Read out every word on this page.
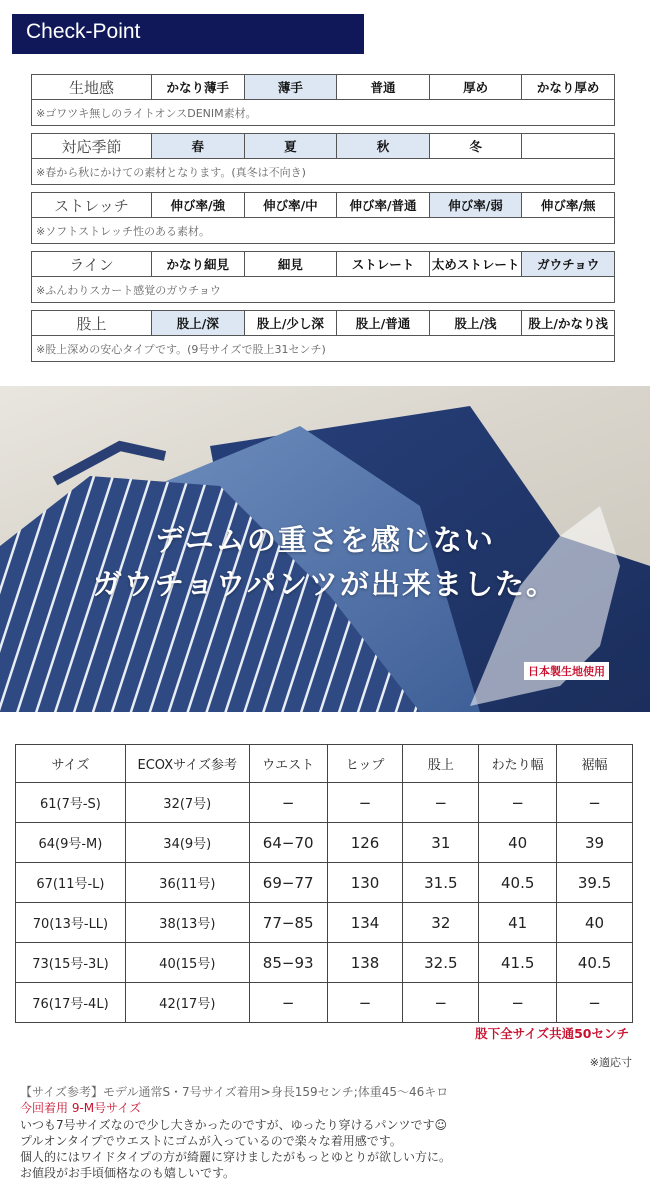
Check-Point
生地感	かなり薄手	薄手	普通	厚め	かなり厚め
※ゴワツキ無しのライトオンスDENIM素材。
対応季節	春	夏	秋	冬
※春から秋にかけての素材となります。(真冬は不向き)
ストレッチ	伸び率/強	伸び率/中	伸び率/普通	伸び率/弱	伸び率/無
※ソフトストレッチ性のある素材。
ライン	かなり細見	細見	ストレート	太めストレート	ガウチョウ
※ふんわりスカート感覚のガウチョウ
股上	股上/深	股上/少し深	股上/普通	股上/浅	股上/かなり浅
※股上深めの安心タイプです。(9号サイズで股上31センチ)
デニムの重さを感じない
ガウチョウパンツが出来ました。
日本製生地使用
サイズ	ECOXサイズ参考	ウエスト	ヒップ	股上	わたり幅	裾幅
61(7号-S)	32(7号)	−	−	−	−	−
64(9号-M)	34(9号)	64−70	126	31	40	39
67(11号-L)	36(11号)	69−77	130	31.5	40.5	39.5
70(13号-LL)	38(13号)	77−85	134	32	41	40
73(15号-3L)	40(15号)	85−93	138	32.5	41.5	40.5
76(17号-4L)	42(17号)	−	−	−	−	−
股下全サイズ共通50センチ
※適応寸
【サイズ参考】モデル通常S・7号サイズ着用>身長159センチ;体重45〜46キロ
今回着用 9-M号サイズ
いつも7号サイズなので少し大きかったのですが、ゆったり穿けるパンツです☺
プルオンタイプでウエストにゴムが入っているので楽々な着用感です。
個人的にはワイドタイプの方が綺麗に穿けましたがもっとゆとりが欲しい方に。
お値段がお手頃価格なのも嬉しいです。
